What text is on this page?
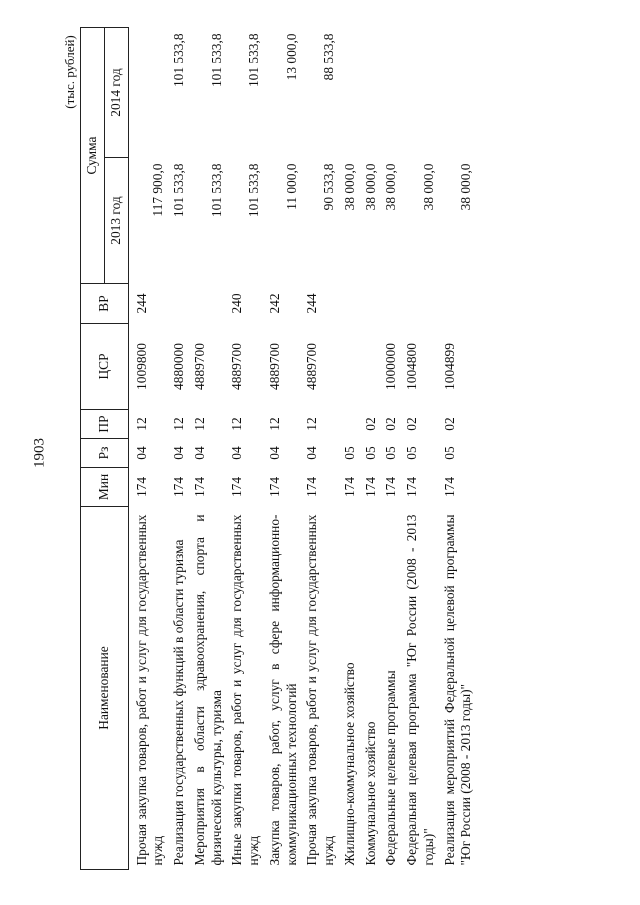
1903
(тыс. рублей)
Наименование	Мин	Рз	ПР	ЦСР	ВР	Сумма	
						2013 год	2014 год
Прочая закупка товаров, работ и услуг для государственных нужд	174	04	12	1009800	244	117 900,0	
Реализация государственных функций в области туризма	174	04	12	4880000		101 533,8	101 533,8
Мероприятия в области здравоохранения, спорта и физической культуры, туризма	174	04	12	4889700		101 533,8	101 533,8
Иные закупки товаров, работ и услуг для государственных нужд	174	04	12	4889700	240	101 533,8	101 533,8
Закупка товаров, работ, услуг в сфере информационно-коммуникационных технологий	174	04	12	4889700	242	11 000,0	13 000,0
Прочая закупка товаров, работ и услуг для государственных нужд	174	04	12	4889700	244	90 533,8	88 533,8
Жилищно-коммунальное хозяйство	174	05				38 000,0	
Коммунальное хозяйство	174	05	02			38 000,0	
Федеральные целевые программы	174	05	02	1000000		38 000,0	
Федеральная целевая программа "Юг России (2008 - 2013 годы)"	174	05	02	1004800		38 000,0	
Реализация мероприятий Федеральной целевой программы "Юг России (2008 - 2013 годы)"	174	05	02	1004899		38 000,0	
